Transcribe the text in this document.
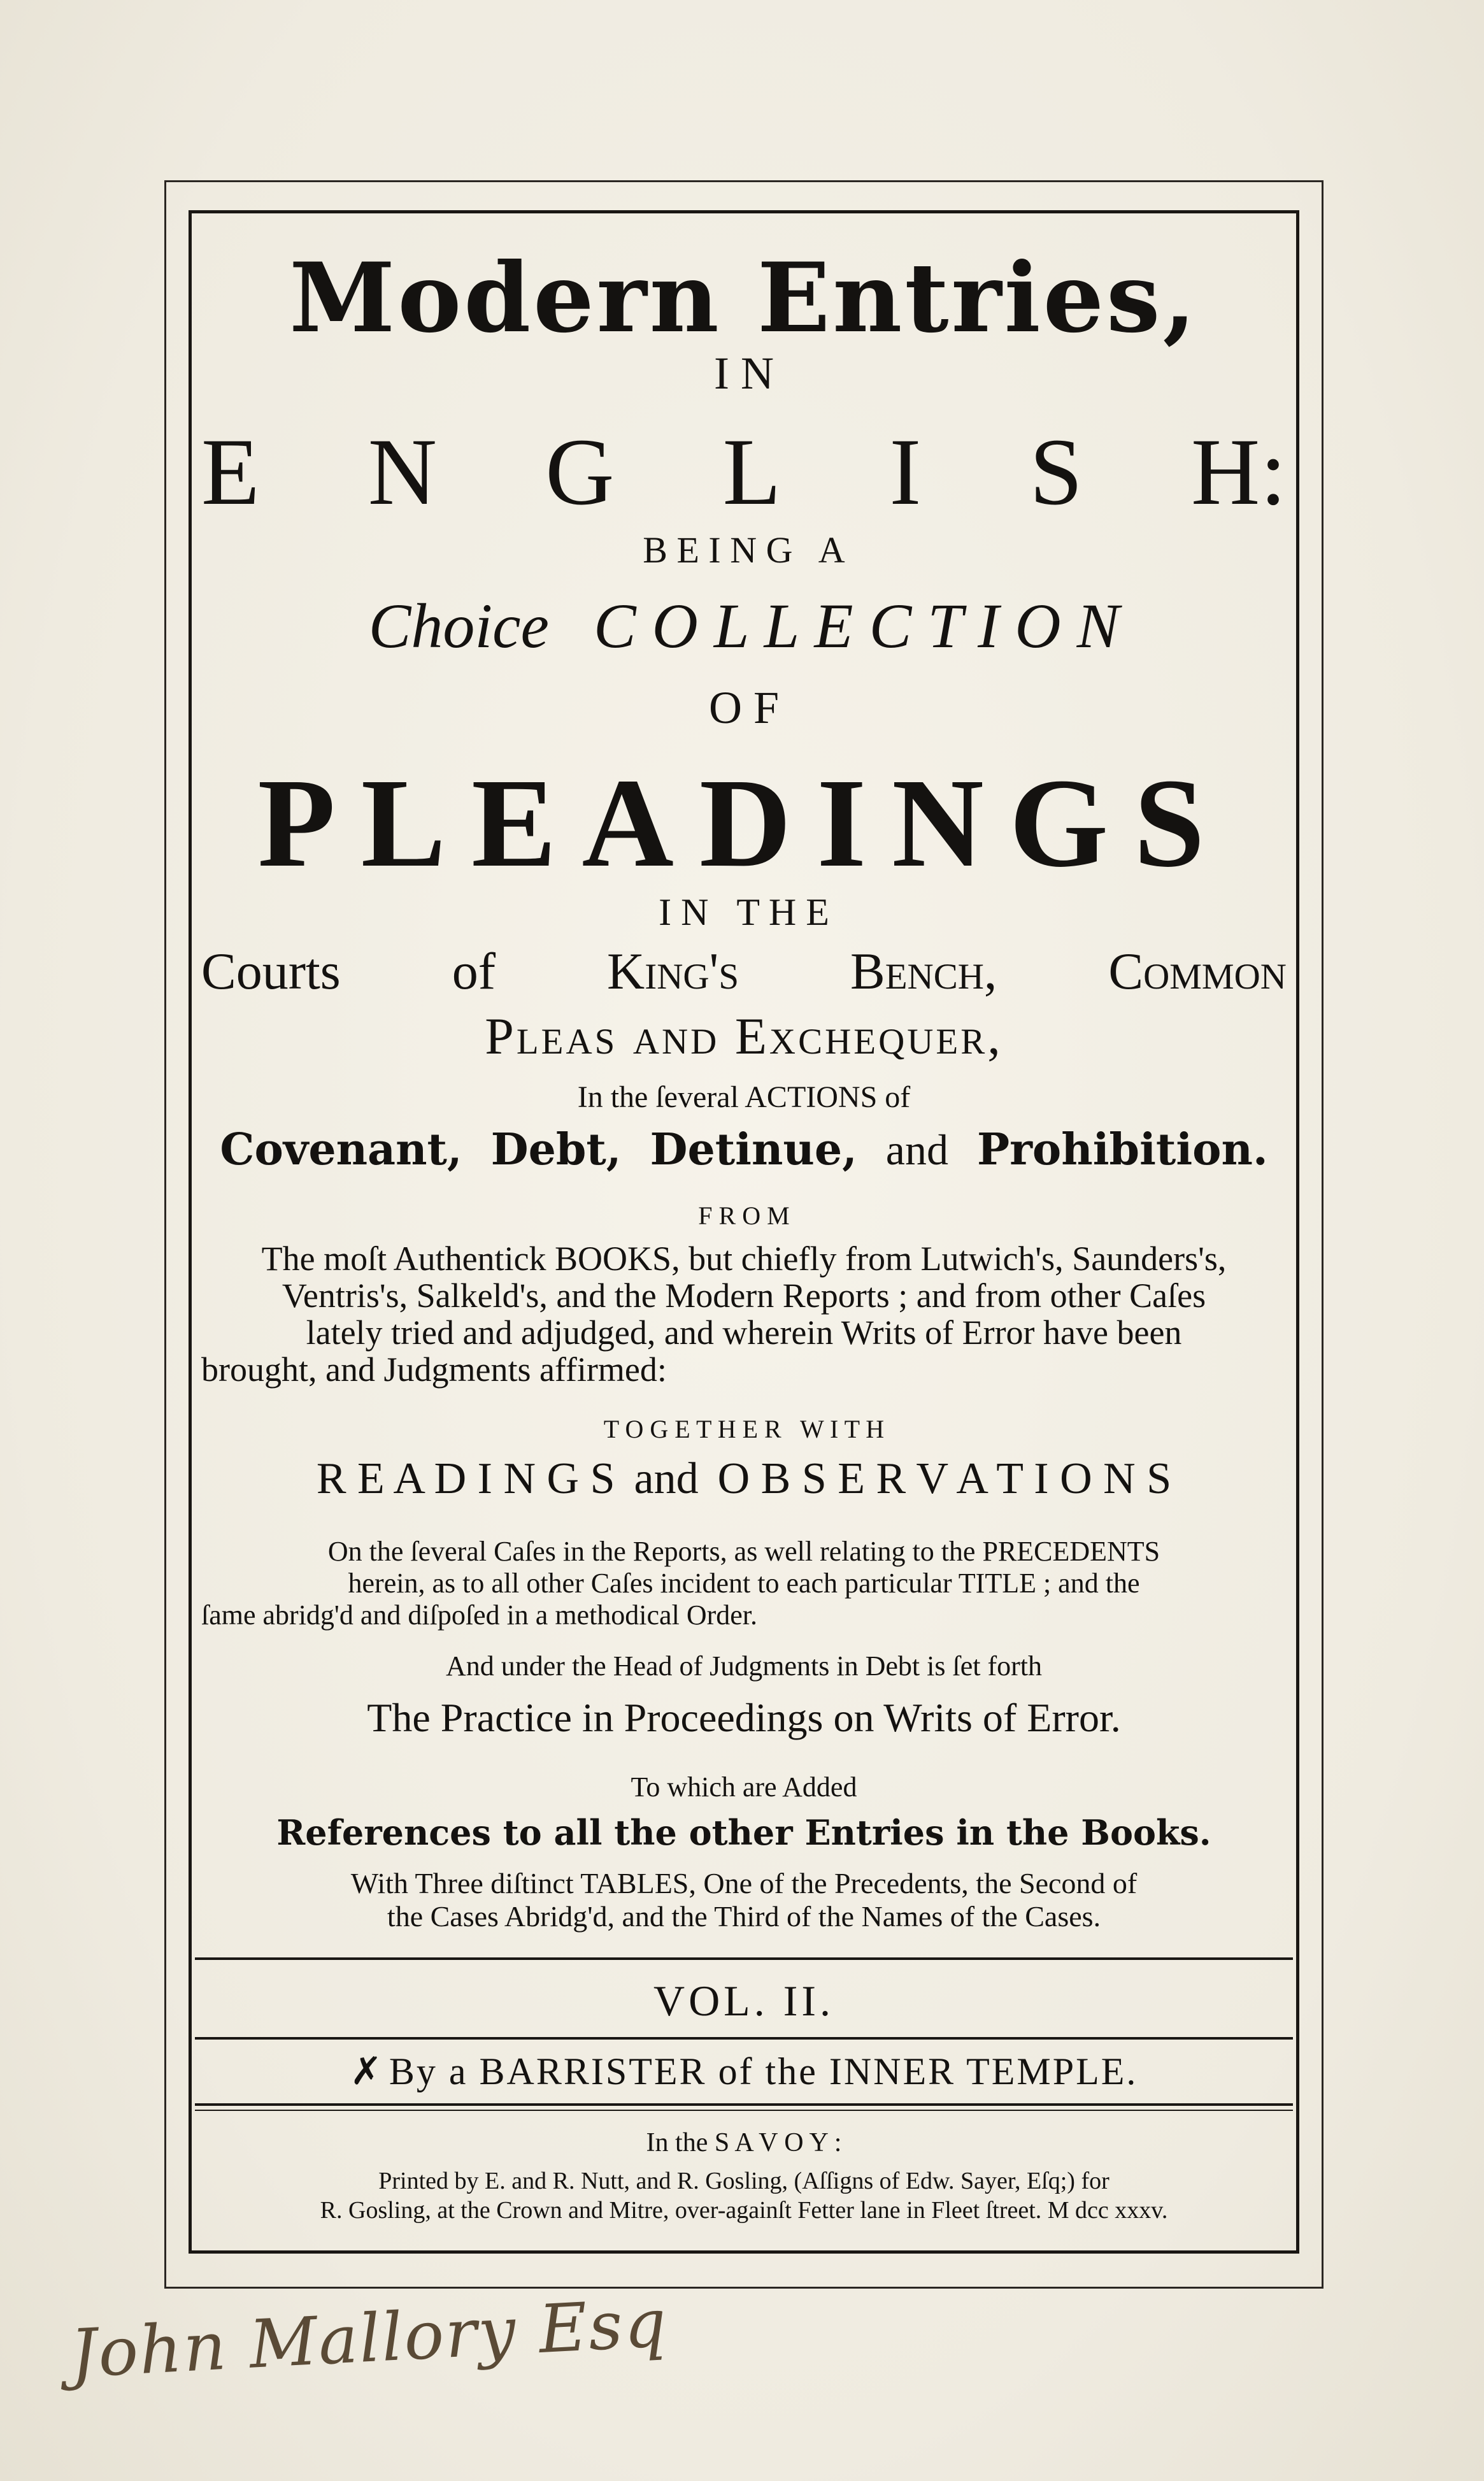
Modern Entries,
I N
E N G L I S H:
B E I N G   A
Choice C O L L E C T I O N
O F
PLEADINGS
I N   T H E
Courts of King's Bench, Common
Pleas and Exchequer,
In the ſeveral ACTIONS of
Covenant, Debt, Detinue, and Prohibition.
F R O M
The moſt Authentick BOOKS, but chiefly from Lutwich's, Saunders's,
Ventris's, Salkeld's, and the Modern Reports ; and from other Caſes
lately tried and adjudged, and wherein Writs of Error have been
brought, and Judgments affirmed:
T O G E T H E R   W I T H
R E A D I N G S and O B S E R V A T I O N S
On the ſeveral Caſes in the Reports, as well relating to the PRECEDENTS
herein, as to all other Caſes incident to each particular TITLE ; and the
ſame abridg'd and diſpoſed in a methodical Order.
And under the Head of Judgments in Debt is ſet forth
The Practice in Proceedings on Writs of Error.
To which are Added
References to all the other Entries in the Books.
With Three diſtinct TABLES, One of the Precedents, the Second of
the Cases Abridg'd, and the Third of the Names of the Cases.
VOL. II.
✗ By a BARRISTER of the INNER TEMPLE.
In the S A V O Y :
Printed by E. and R. Nutt, and R. Gosling, (Aſſigns of Edw. Sayer, Eſq;) for
R. Gosling, at the Crown and Mitre, over-againſt Fetter lane in Fleet ſtreet. M dcc xxxv.
John Mallory Esq
